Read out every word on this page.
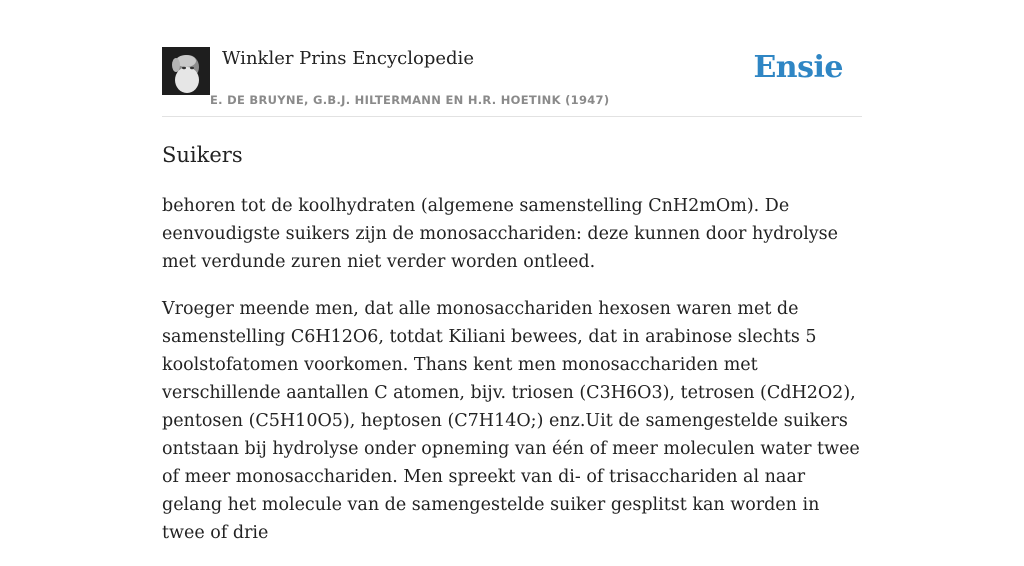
Winkler Prins Encyclopedie
E. DE BRUYNE, G.B.J. HILTERMANN EN H.R. HOETINK (1947)
Ensie
Suikers

behoren tot de koolhydraten (algemene samenstelling CnH2mOm). De eenvoudigste suikers zijn de monosacchariden: deze kunnen door hydrolyse met verdunde zuren niet verder worden ontleed.

Vroeger meende men, dat alle monosacchariden hexosen waren met de samenstelling C6H12O6, totdat Kiliani bewees, dat in arabinose slechts 5 koolstofatomen voorkomen. Thans kent men monosacchariden met verschillende aantallen C atomen, bijv. triosen (C3H6O3), tetrosen (CdH2O2), pentosen (C5H10O5), heptosen (C7H14O;) enz.Uit de samengestelde suikers ontstaan bij hydrolyse onder opneming van één of meer moleculen water twee of meer monosacchariden. Men spreekt van di- of trisacchariden al naar gelang het molecule van de samengestelde suiker gesplitst kan worden in twee of drie
